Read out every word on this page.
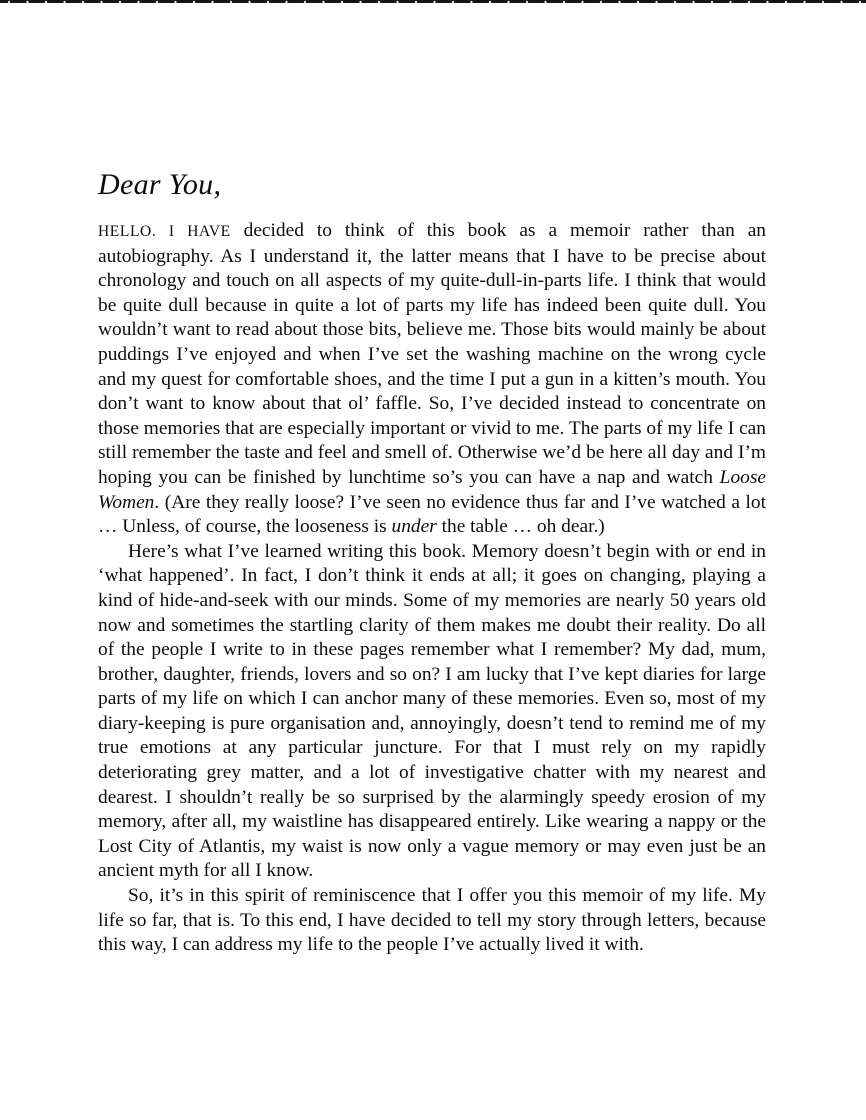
Dear You,

HELLO. I HAVE decided to think of this book as a memoir rather than an autobiography. As I understand it, the latter means that I have to be precise about chronology and touch on all aspects of my quite-dull-in-parts life. I think that would be quite dull because in quite a lot of parts my life has indeed been quite dull. You wouldn’t want to read about those bits, believe me. Those bits would mainly be about puddings I’ve enjoyed and when I’ve set the washing machine on the wrong cycle and my quest for comfortable shoes, and the time I put a gun in a kitten’s mouth. You don’t want to know about that ol’ faffle. So, I’ve decided instead to concentrate on those memories that are especially important or vivid to me. The parts of my life I can still remember the taste and feel and smell of. Otherwise we’d be here all day and I’m hoping you can be finished by lunchtime so’s you can have a nap and watch Loose Women. (Are they really loose? I’ve seen no evidence thus far and I’ve watched a lot … Unless, of course, the looseness is under the table … oh dear.)

Here’s what I’ve learned writing this book. Memory doesn’t begin with or end in ‘what happened’. In fact, I don’t think it ends at all; it goes on changing, playing a kind of hide-and-seek with our minds. Some of my memories are nearly 50 years old now and sometimes the startling clarity of them makes me doubt their reality. Do all of the people I write to in these pages remember what I remember? My dad, mum, brother, daughter, friends, lovers and so on? I am lucky that I’ve kept diaries for large parts of my life on which I can anchor many of these memories. Even so, most of my diary-keeping is pure organisation and, annoyingly, doesn’t tend to remind me of my true emotions at any particular juncture. For that I must rely on my rapidly deteriorating grey matter, and a lot of investigative chatter with my nearest and dearest. I shouldn’t really be so surprised by the alarmingly speedy erosion of my memory, after all, my waistline has disappeared entirely. Like wearing a nappy or the Lost City of Atlantis, my waist is now only a vague memory or may even just be an ancient myth for all I know.

So, it’s in this spirit of reminiscence that I offer you this memoir of my life. My life so far, that is. To this end, I have decided to tell my story through letters, because this way, I can address my life to the people I’ve actually lived it with.
